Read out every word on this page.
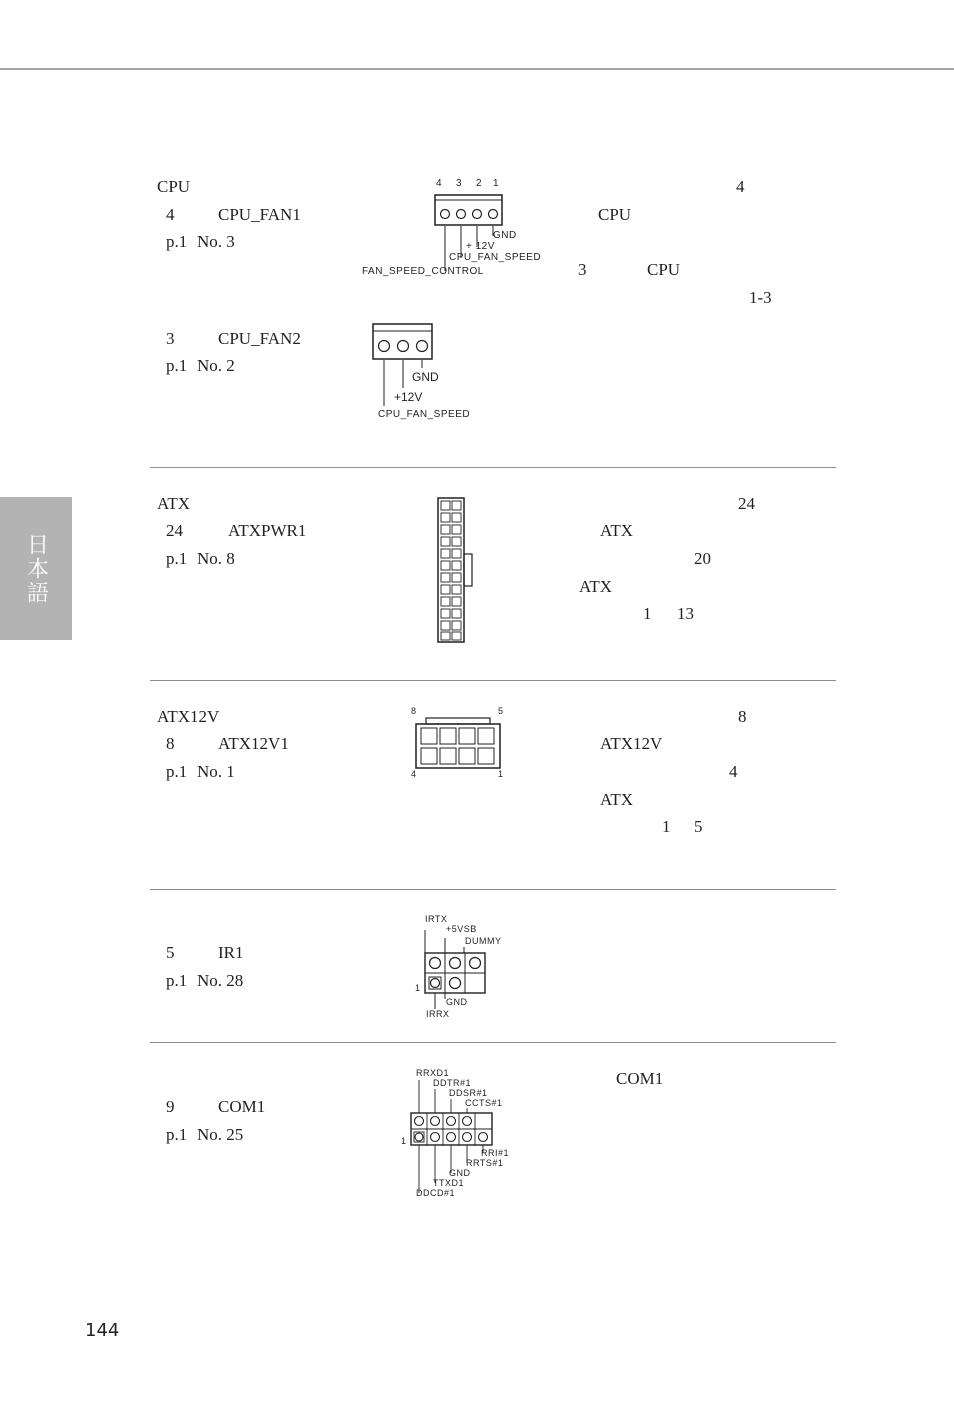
日本語
CPU
4	CPU_FAN1
p.1 No. 3
4 3 2 1
GND
+ 12V
CPU_FAN_SPEED
FAN_SPEED_CONTROL
4
CPU
3	CPU
1-3
3	CPU_FAN2
p.1 No. 2
GND
+12V
CPU_FAN_SPEED
ATX
24	ATXPWR1
p.1 No. 8
24
ATX
20
ATX
1 13
ATX12V
8	ATX12V1
p.1 No. 1
8	5
4	1
8
ATX12V
4
ATX
1 5
5	IR1
p.1 No. 28
IRTX
+5VSB
DUMMY
1
GND
IRRX
9	COM1
p.1 No. 25
RRXD1
DDTR#1
DDSR#1
CCTS#1
1
RRI#1
RRTS#1
GND
TTXD1
DDCD#1
COM1
144
